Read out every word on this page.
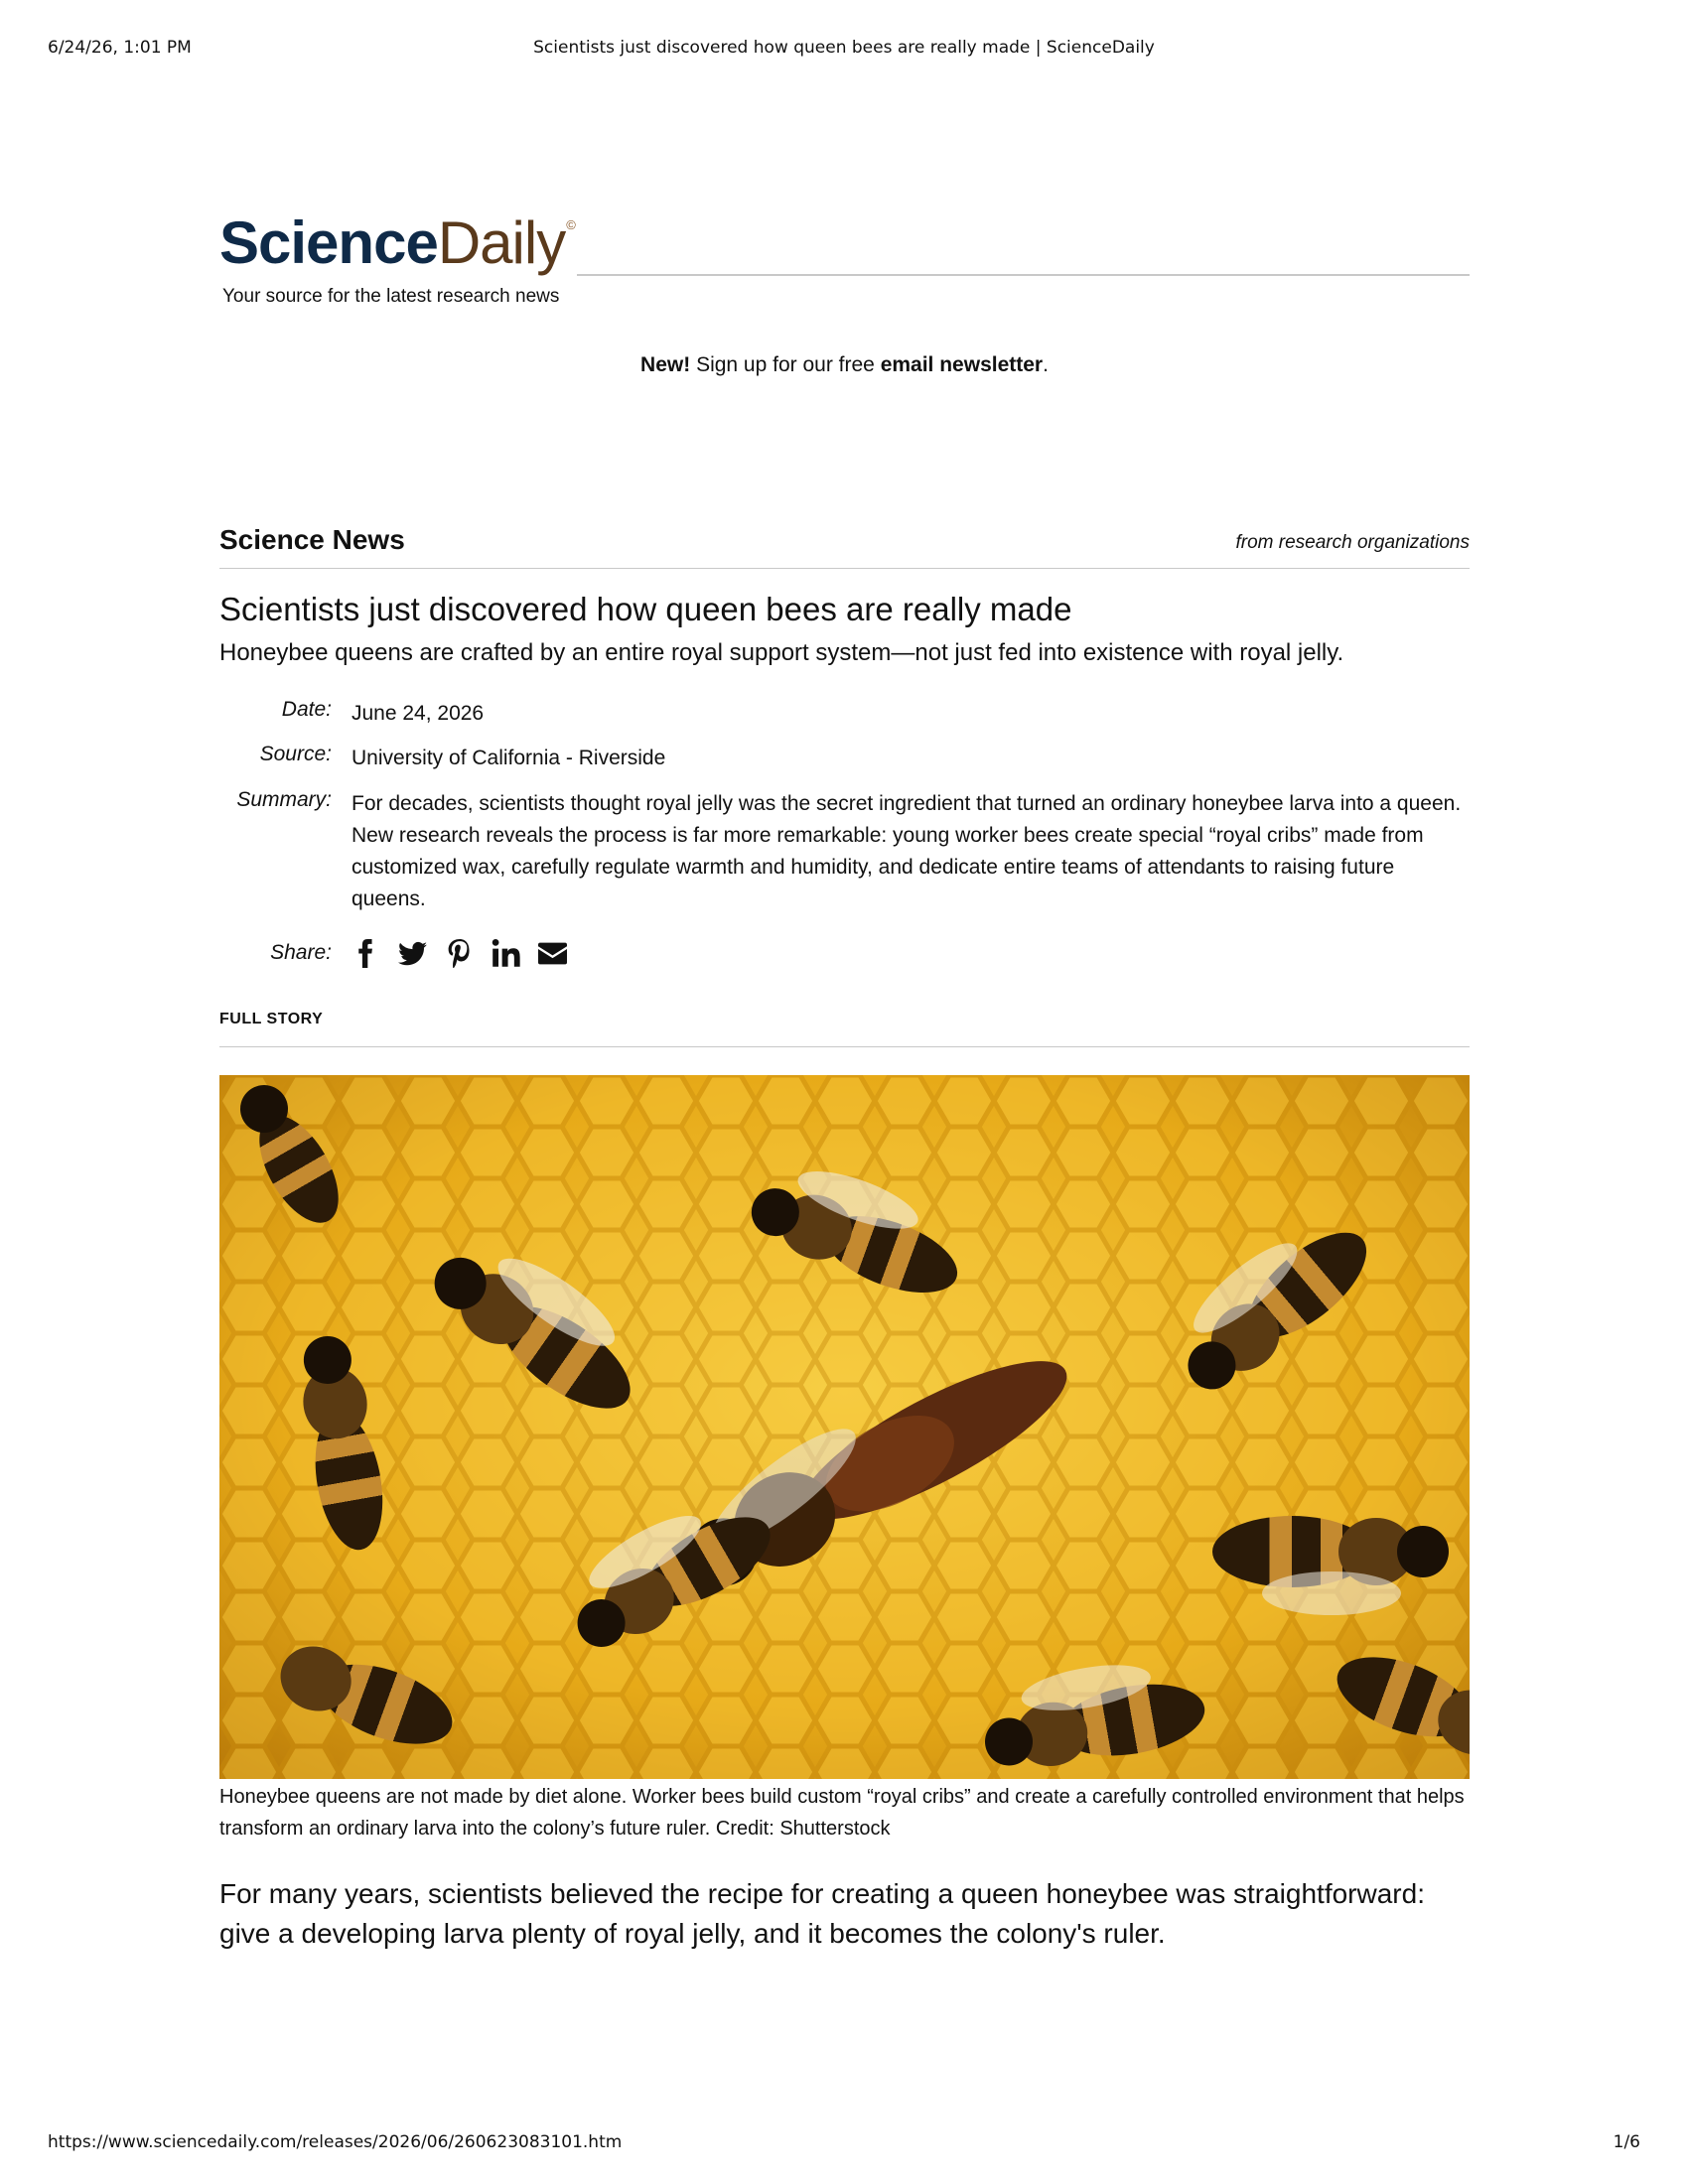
6/24/26, 1:01 PM	Scientists just discovered how queen bees are really made | ScienceDaily
ScienceDaily©
Your source for the latest research news
New! Sign up for our free email newsletter.
Science News	from research organizations
Scientists just discovered how queen bees are really made
Honeybee queens are crafted by an entire royal support system—not just fed into existence with royal jelly.
Date: June 24, 2026
Source: University of California - Riverside
Summary: For decades, scientists thought royal jelly was the secret ingredient that turned an ordinary honeybee larva into a queen. New research reveals the process is far more remarkable: young worker bees create special “royal cribs” made from customized wax, carefully regulate warmth and humidity, and dedicate entire teams of attendants to raising future queens.
Share:
FULL STORY
Honeybee queens are not made by diet alone. Worker bees build custom “royal cribs” and create a carefully controlled environment that helps transform an ordinary larva into the colony’s future ruler. Credit: Shutterstock
For many years, scientists believed the recipe for creating a queen honeybee was straightforward: give a developing larva plenty of royal jelly, and it becomes the colony's ruler.
https://www.sciencedaily.com/releases/2026/06/260623083101.htm	1/6
